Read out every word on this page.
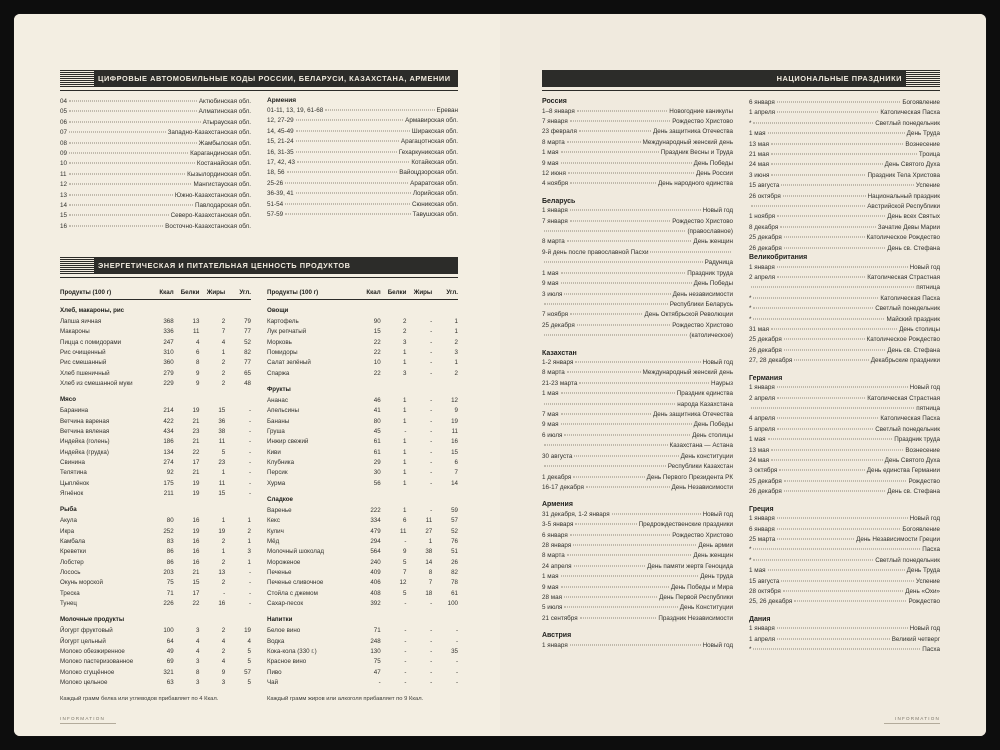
ЦИФРОВЫЕ АВТОМОБИЛЬНЫЕ КОДЫ РОССИИ, БЕЛАРУСИ, КАЗАХСТАНА, АРМЕНИИ
04	Актюбинская обл.
05	Алматинская обл.
06	Атырауская обл.
07	Западно-Казахстанская обл.
08	Жамбылская обл.
09	Карагандинская обл.
10	Костанайская обл.
11	Кызылординская обл.
12	Мангистауская обл.
13	Южно-Казахстанская обл.
14	Павлодарская обл.
15	Северо-Казахстанская обл.
16	Восточно-Казахстанская обл.
Армения
01-11, 13, 19, 61-68	Ереван
12, 27-29	Армавирская обл.
14, 45-49	Ширакская обл.
15, 21-24	Арагацотнская обл.
16, 31-35	Гехаркуникская обл.
17, 42, 43	Котайкская обл.
18, 56	Вайоцдзорская обл.
25-26	Араратская обл.
36-39, 41	Лорийская обл.
51-54	Сюникская обл.
57-59	Тавушская обл.
ЭНЕРГЕТИЧЕСКАЯ И ПИТАТЕЛЬНАЯ ЦЕННОСТЬ ПРОДУКТОВ
Продукты (100 г)	Ккал	Белки	Жиры	Угл.
Хлеб, макароны, рис				
Лапша яичная	368	13	2	79
Макароны	336	11	7	77
Пицца с помидорами	247	4	4	52
Рис очищенный	310	6	1	82
Рис смешанный	360	8	2	77
Хлеб пшеничный	279	9	2	65
Хлеб из смешанной муки	229	9	2	48
Мясо				
Баранина	214	19	15	-
Ветчина вареная	422	21	36	-
Ветчина вяленая	434	23	38	-
Индейка (голень)	186	21	11	-
Индейка (грудка)	134	22	5	-
Свинина	274	17	23	-
Телятина	92	21	1	-
Цыплёнок	175	19	11	-
Ягнёнок	211	19	15	-
Рыба				
Акула	80	16	1	1
Икра	252	19	19	2
Камбала	83	16	2	1
Креветки	86	16	1	3
Лобстер	86	16	2	1
Лосось	203	21	13	-
Окунь морской	75	15	2	-
Треска	71	17	-	-
Тунец	226	22	16	-
Молочные продукты				
Йогурт фруктовый	100	3	2	19
Йогурт цельный	64	4	4	4
Молоко обезжиренное	49	4	2	5
Молоко пастеризованное	69	3	4	5
Молоко сгущённое	321	8	9	57
Молоко цельное	63	3	3	5
Продукты (100 г)	Ккал	Белки	Жиры	Угл.
Овощи				
Картофель	90	2	-	1
Лук репчатый	15	2	-	1
Морковь	22	3	-	2
Помидоры	22	1	-	3
Салат зелёный	10	1	-	1
Спаржа	22	3	-	2
Фрукты				
Ананас	46	1	-	12
Апельсины	41	1	-	9
Бананы	80	1	-	19
Груша	45	-	-	11
Инжир свежий	61	1	-	16
Киви	61	1	-	15
Клубника	29	1	-	6
Персик	30	1	-	7
Хурма	56	1	-	14
Сладкое				
Варенье	222	1	-	59
Кекс	334	6	11	57
Кулич	479	11	27	52
Мёд	294	-	1	76
Молочный шоколад	564	9	38	51
Мороженое	240	5	14	26
Печенье	409	7	8	82
Печенье сливочное	406	12	7	78
Стойла с джемом	408	5	18	61
Сахар-песок	392	-	-	100
Напитки				
Белое вино	71	-	-	-
Водка	248	-	-	-
Кока-кола (330 г.)	130	-	-	35
Красное вино	75	-	-	-
Пиво	47	-	-	-
Чай	-	-	-	-
Каждый грамм белка или углеводов прибавляет по 4 Ккал.	Каждый грамм жиров или алкоголя прибавляет по 9 Ккал.
INFORMATION
НАЦИОНАЛЬНЫЕ ПРАЗДНИКИ
Россия
1–8 января	Новогодние каникулы
7 января	Рождество Христово
23 февраля	День защитника Отечества
8 марта	Международный женский день
1 мая	Праздник Весны и Труда
9 мая	День Победы
12 июня	День России
4 ноября	День народного единства
Беларусь
1 января	Новый год
7 января	Рождество Христово
(православное)
8 марта	День женщин
9-й день после православной Пасхи
Радуница
1 мая	Праздник труда
9 мая	День Победы
3 июля	День независимости
Республики Беларусь
7 ноября	День Октябрьской Революции
25 декабря	Рождество Христово
(католическое)
Казахстан
1-2 января	Новый год
8 марта	Международный женский день
21-23 марта	Наурыз
1 мая	Праздник единства
народа Казахстана
7 мая	День защитника Отечества
9 мая	День Победы
6 июля	День столицы
Казахстана — Астана
30 августа	День конституции
Республики Казахстан
1 декабря	День Первого Президента РК
16-17 декабря	День Независимости
Армения
31 декабря, 1-2 января	Новый год
3-5 января	Предрождественские праздники
6 января	Рождество Христово
28 января	День армии
8 марта	День женщин
24 апреля	День памяти жертв Геноцида
1 мая	День труда
9 мая	День Победы и Мира
28 мая	День Первой Республики
5 июля	День Конституции
21 сентября	Праздник Независимости
Австрия
1 января	Новый год
6 января	Богоявление
1 апреля	Католическая Пасха
*	Светлый понедельник
1 мая	День Труда
13 мая	Вознесение
21 мая	Троица
24 мая	День Святого Духа
3 июня	Праздник Тела Христова
15 августа	Успение
26 октября	Национальный праздник
Австрийской Республики
1 ноября	День всех Святых
8 декабря	Зачатие Девы Марии
25 декабря	Католическое Рождество
26 декабря	День св. Стефана
Великобритания
1 января	Новый год
2 апреля	Католическая Страстная
пятница
*	Католическая Пасха
*	Светлый понедельник
*	Майский праздник
31 мая	День столицы
25 декабря	Католическое Рождество
26 декабря	День св. Стефана
27, 28 декабря	Декабрьские праздники
Германия
1 января	Новый год
2 апреля	Католическая Страстная
пятница
4 апреля	Католическая Пасха
5 апреля	Светлый понедельник
1 мая	Праздник труда
13 мая	Вознесение
24 мая	День Святого Духа
3 октября	День единства Германии
25 декабря	Рождество
26 декабря	День св. Стефана
Греция
1 января	Новый год
6 января	Богоявление
25 марта	День Независимости Греции
*	Пасха
*	Светлый понедельник
1 мая	День Труда
15 августа	Успение
28 октября	День «Охи»
25, 26 декабря	Рождество
Дания
1 января	Новый год
1 апреля	Великий четверг
*	Пасха
INFORMATION
